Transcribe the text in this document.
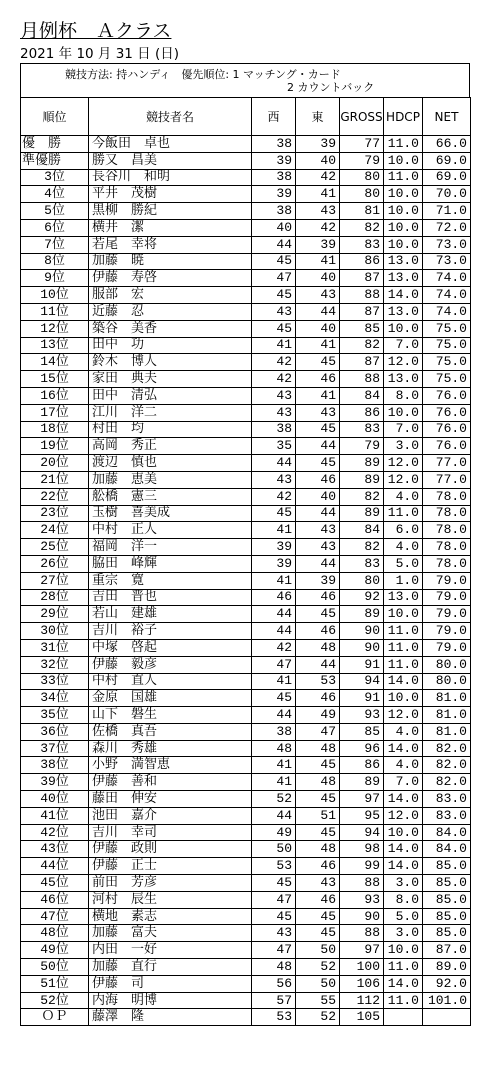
月例杯　Ａクラス
2021 年 10 月 31 日 (日)
競技方法: 持ハンディ　優先順位: 1 マッチング・カード
2 カウントバック
順位	競技者名	西	東	GROSS	HDCP	NET
優　勝	今飯田　卓也	38	39	77	11.0	66.0
準優勝	勝又　昌美	39	40	79	10.0	69.0
3位	長谷川　和明	38	42	80	11.0	69.0
4位	平井　茂樹	39	41	80	10.0	70.0
5位	黒柳　勝紀	38	43	81	10.0	71.0
6位	横井　潔	40	42	82	10.0	72.0
7位	若尾　幸将	44	39	83	10.0	73.0
8位	加藤　暁	45	41	86	13.0	73.0
9位	伊藤　寿啓	47	40	87	13.0	74.0
10位	服部　宏	45	43	88	14.0	74.0
11位	近藤　忍	43	44	87	13.0	74.0
12位	築谷　美香	45	40	85	10.0	75.0
13位	田中　功	41	41	82	7.0	75.0
14位	鈴木　博人	42	45	87	12.0	75.0
15位	家田　典夫	42	46	88	13.0	75.0
16位	田中　清弘	43	41	84	8.0	76.0
17位	江川　洋二	43	43	86	10.0	76.0
18位	村田　均	38	45	83	7.0	76.0
19位	高岡　秀正	35	44	79	3.0	76.0
20位	渡辺　慎也	44	45	89	12.0	77.0
21位	加藤　恵美	43	46	89	12.0	77.0
22位	舩橋　憲三	42	40	82	4.0	78.0
23位	玉樹　喜美成	45	44	89	11.0	78.0
24位	中村　正人	41	43	84	6.0	78.0
25位	福岡　洋一	39	43	82	4.0	78.0
26位	脇田　峰輝	39	44	83	5.0	78.0
27位	重宗　寛	41	39	80	1.0	79.0
28位	吉田　晋也	46	46	92	13.0	79.0
29位	若山　建雄	44	45	89	10.0	79.0
30位	吉川　裕子	44	46	90	11.0	79.0
31位	中塚　啓起	42	48	90	11.0	79.0
32位	伊藤　毅彦	47	44	91	11.0	80.0
33位	中村　直人	41	53	94	14.0	80.0
34位	金原　国雄	45	46	91	10.0	81.0
35位	山下　磐生	44	49	93	12.0	81.0
36位	佐橋　真吾	38	47	85	4.0	81.0
37位	森川　秀雄	48	48	96	14.0	82.0
38位	小野　満智恵	41	45	86	4.0	82.0
39位	伊藤　善和	41	48	89	7.0	82.0
40位	藤田　伸安	52	45	97	14.0	83.0
41位	池田　嘉介	44	51	95	12.0	83.0
42位	吉川　幸司	49	45	94	10.0	84.0
43位	伊藤　政則	50	48	98	14.0	84.0
44位	伊藤　正士	53	46	99	14.0	85.0
45位	前田　芳彦	45	43	88	3.0	85.0
46位	河村　辰生	47	46	93	8.0	85.0
47位	横地　素志	45	45	90	5.0	85.0
48位	加藤　富夫	43	45	88	3.0	85.0
49位	内田　一好	47	50	97	10.0	87.0
50位	加藤　直行	48	52	100	11.0	89.0
51位	伊藤　司	56	50	106	14.0	92.0
52位	内海　明博	57	55	112	11.0	101.0
ＯＰ	藤澤　隆	53	52	105		
